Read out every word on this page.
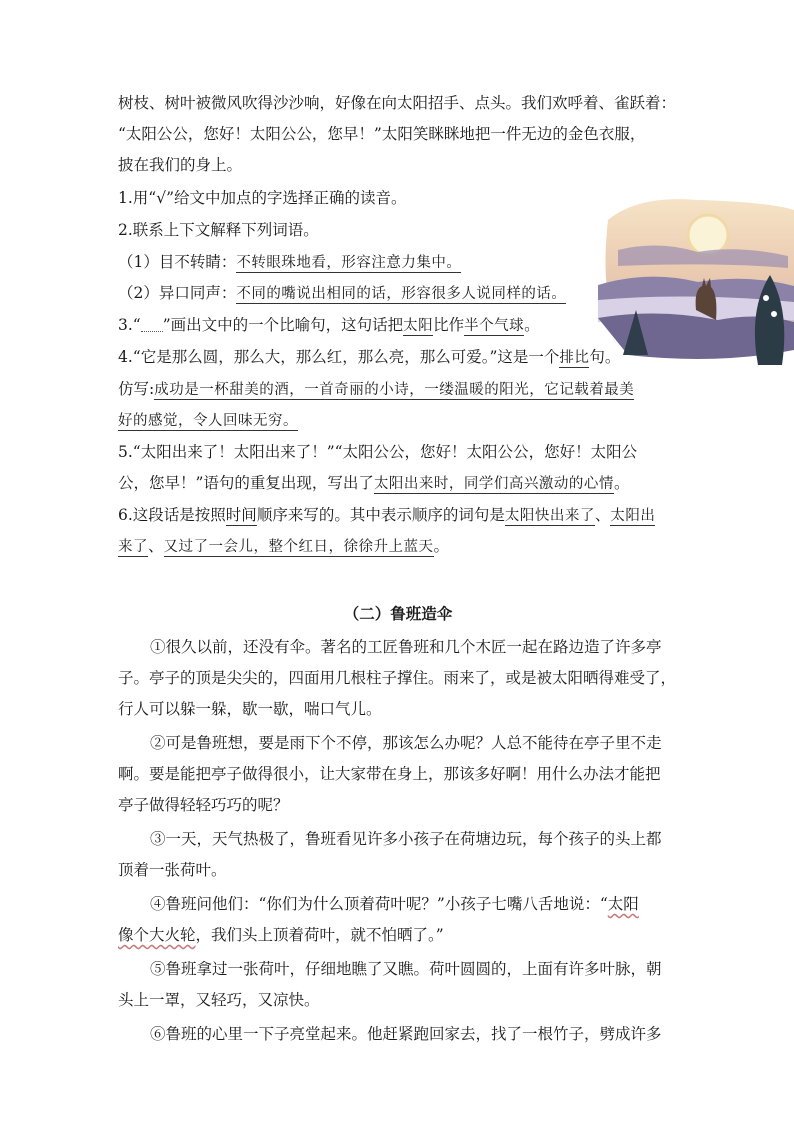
树枝、树叶被微风吹得沙沙响，好像在向太阳招手、点头。我们欢呼着、雀跃着：
“太阳公公，您好！太阳公公，您早！”太阳笑眯眯地把一件无边的金色衣服，
披在我们的身上。
1.用“√”给文中加点的字选择正确的读音。
2.联系上下文解释下列词语。
（1）目不转睛：不转眼珠地看，形容注意力集中。
（2）异口同声：不同的嘴说出相同的话，形容很多人说同样的话。
3.“ ”画出文中的一个比喻句，这句话把太阳比作半个气球。
4.“它是那么圆，那么大，那么红，那么亮，那么可爱。”这是一个排比句。
仿写:成功是一杯甜美的酒，一首奇丽的小诗，一缕温暖的阳光，它记载着最美
好的感觉，令人回味无穷。
5.“太阳出来了！太阳出来了！”“太阳公公，您好！太阳公公，您好！太阳公
公，您早！”语句的重复出现，写出了太阳出来时，同学们高兴激动的心情。
6.这段话是按照时间顺序来写的。其中表示顺序的词句是太阳快出来了、太阳出
来了、又过了一会儿，整个红日，徐徐升上蓝天。
（二）鲁班造伞
①很久以前，还没有伞。著名的工匠鲁班和几个木匠一起在路边造了许多亭
子。亭子的顶是尖尖的，四面用几根柱子撑住。雨来了，或是被太阳晒得难受了，
行人可以躲一躲，歇一歇，喘口气儿。
②可是鲁班想，要是雨下个不停，那该怎么办呢？人总不能待在亭子里不走
啊。要是能把亭子做得很小，让大家带在身上，那该多好啊！用什么办法才能把
亭子做得轻轻巧巧的呢？
③一天，天气热极了，鲁班看见许多小孩子在荷塘边玩，每个孩子的头上都
顶着一张荷叶。
④鲁班问他们：“你们为什么顶着荷叶呢？”小孩子七嘴八舌地说：“太阳
像个大火轮，我们头上顶着荷叶，就不怕晒了。”
⑤鲁班拿过一张荷叶，仔细地瞧了又瞧。荷叶圆圆的，上面有许多叶脉，朝
头上一罩，又轻巧，又凉快。
⑥鲁班的心里一下子亮堂起来。他赶紧跑回家去，找了一根竹子，劈成许多
